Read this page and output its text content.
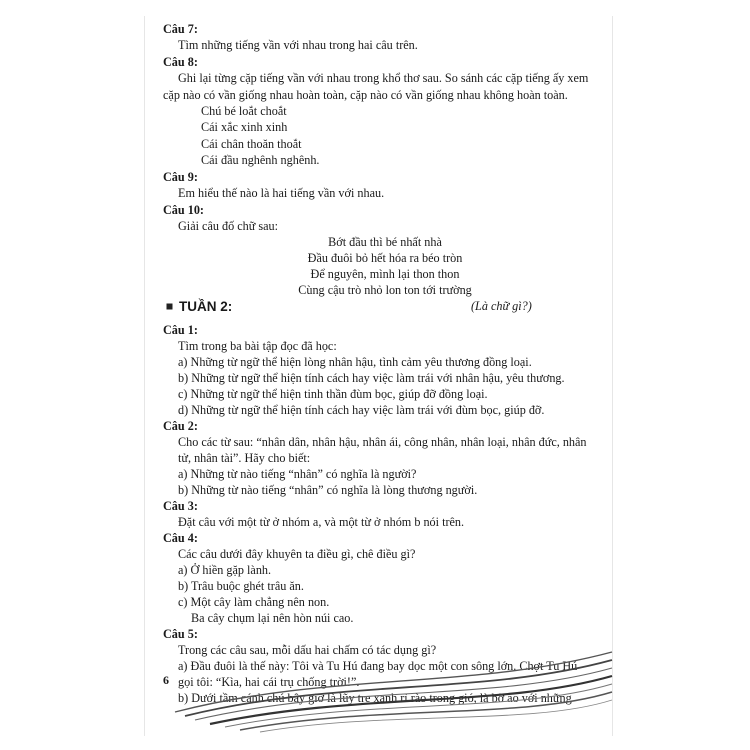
Câu 7:
Tìm những tiếng vần với nhau trong hai câu trên.
Câu 8:
Ghi lại từng cặp tiếng vần với nhau trong khổ thơ sau. So sánh các cặp tiếng ấy xem
cặp nào có vần giống nhau hoàn toàn, cặp nào có vần giống nhau không hoàn toàn.
Chú bé loắt choắt
Cái xắc xinh xinh
Cái chân thoăn thoắt
Cái đầu nghênh nghênh.
Câu 9:
Em hiểu thế nào là hai tiếng vần với nhau.
Câu 10:
Giải câu đố chữ sau:
Bớt đầu thì bé nhất nhà
Đầu đuôi bỏ hết hóa ra béo tròn
Để nguyên, mình lại thon thon
Cùng cậu trò nhỏ lon ton tới trường
(Là chữ gì?)
Câu 1:
Tìm trong ba bài tập đọc đã học:
a) Những từ ngữ thể hiện lòng nhân hậu, tình cảm yêu thương đồng loại.
b) Những từ ngữ thể hiện tính cách hay việc làm trái với nhân hậu, yêu thương.
c) Những từ ngữ thể hiện tinh thần đùm bọc, giúp đỡ đồng loại.
d) Những từ ngữ thể hiện tính cách hay việc làm trái với đùm bọc, giúp đỡ.
Câu 2:
Cho các từ sau: “nhân dân, nhân hậu, nhân ái, công nhân, nhân loại, nhân đức, nhân
tử, nhân tài”. Hãy cho biết:
a) Những từ nào tiếng “nhân” có nghĩa là người?
b) Những từ nào tiếng “nhân” có nghĩa là lòng thương người.
Câu 3:
Đặt câu với một từ ở nhóm a, và một từ ở nhóm b nói trên.
Câu 4:
Các câu dưới đây khuyên ta điều gì, chê điều gì?
a) Ở hiền gặp lành.
b) Trâu buộc ghét trâu ăn.
c) Một cây làm chẳng nên non.
Ba cây chụm lại nên hòn núi cao.
Câu 5:
Trong các câu sau, mỗi dấu hai chấm có tác dụng gì?
a) Đầu đuôi là thế này: Tôi và Tu Hú đang bay dọc một con sông lớn. Chợt Tu Hú
gọi tôi: “Kìa, hai cái trụ chống trời!”.
b) Dưới tầm cánh chú bây giờ là lũy tre xanh rì rào trong gió, là bờ ao với những
TUẦN 2:
6
